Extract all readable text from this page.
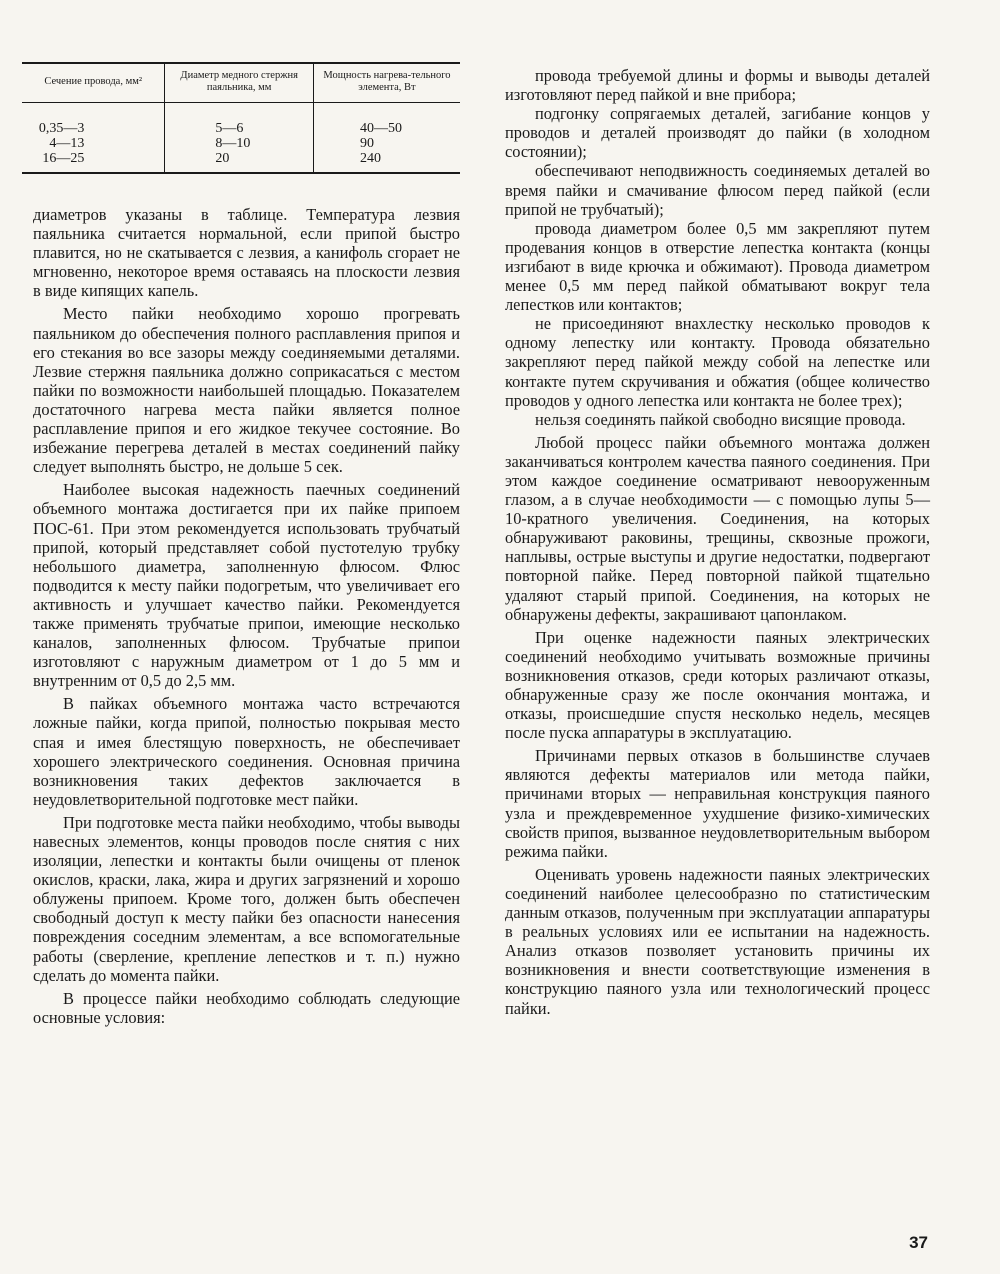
Сечение провода, мм²	Диаметр медного стержня паяльника, мм	Мощность нагрева-тельного элемента, Вт
0,35—3	5—6	40—50
4—13	8—10	90
16—25	20	240

диаметров указаны в таблице. Температура лезвия паяльника считается нормальной, если припой быстро плавится, но не скатывается с лезвия, а канифоль сгорает не мгновенно, некоторое время оставаясь на плоскости лезвия в виде кипящих капель.

Место пайки необходимо хорошо прогревать паяльником до обеспечения полного расплавления припоя и его стекания во все зазоры между соединяемыми деталями. Лезвие стержня паяльника должно соприкасаться с местом пайки по возможности наибольшей площадью. Показателем достаточного нагрева места пайки является полное расплавление припоя и его жидкое текучее состояние. Во избежание перегрева деталей в местах соединений пайку следует выполнять быстро, не дольше 5 сек.

Наиболее высокая надежность паечных соединений объемного монтажа достигается при их пайке припоем ПОС-61. При этом рекомендуется использовать трубчатый припой, который представляет собой пустотелую трубку небольшого диаметра, заполненную флюсом. Флюс подводится к месту пайки подогретым, что увеличивает его активность и улучшает качество пайки. Рекомендуется также применять трубчатые припои, имеющие несколько каналов, заполненных флюсом. Трубчатые припои изготовляют с наружным диаметром от 1 до 5 мм и внутренним от 0,5 до 2,5 мм.

В пайках объемного монтажа часто встречаются ложные пайки, когда припой, полностью покрывая место спая и имея блестящую поверхность, не обеспечивает хорошего электрического соединения. Основная причина возникновения таких дефектов заключается в неудовлетворительной подготовке мест пайки.

При подготовке места пайки необходимо, чтобы выводы навесных элементов, концы проводов после снятия с них изоляции, лепестки и контакты были очищены от пленок окислов, краски, лака, жира и других загрязнений и хорошо облужены припоем. Кроме того, должен быть обеспечен свободный доступ к месту пайки без опасности нанесения повреждения соседним элементам, а все вспомогательные работы (сверление, крепление лепестков и т. п.) нужно сделать до момента пайки.

В процессе пайки необходимо соблюдать следующие основные условия:

провода требуемой длины и формы и выводы деталей изготовляют перед пайкой и вне прибора;

подгонку сопрягаемых деталей, загибание концов у проводов и деталей производят до пайки (в холодном состоянии);

обеспечивают неподвижность соединяемых деталей во время пайки и смачивание флюсом перед пайкой (если припой не трубчатый);

провода диаметром более 0,5 мм закрепляют путем продевания концов в отверстие лепестка контакта (концы изгибают в виде крючка и обжимают). Провода диаметром менее 0,5 мм перед пайкой обматывают вокруг тела лепестков или контактов;

не присоединяют внахлестку несколько проводов к одному лепестку или контакту. Провода обязательно закрепляют перед пайкой между собой на лепестке или контакте путем скручивания и обжатия (общее количество проводов у одного лепестка или контакта не более трех);

нельзя соединять пайкой свободно висящие провода.

Любой процесс пайки объемного монтажа должен заканчиваться контролем качества паяного соединения. При этом каждое соединение осматривают невооруженным глазом, а в случае необходимости — с помощью лупы 5—10-кратного увеличения. Соединения, на которых обнаруживают раковины, трещины, сквозные прожоги, наплывы, острые выступы и другие недостатки, подвергают повторной пайке. Перед повторной пайкой тщательно удаляют старый припой. Соединения, на которых не обнаружены дефекты, закрашивают цапонлаком.

При оценке надежности паяных электрических соединений необходимо учитывать возможные причины возникновения отказов, среди которых различают отказы, обнаруженные сразу же после окончания монтажа, и отказы, происшедшие спустя несколько недель, месяцев после пуска аппаратуры в эксплуатацию.

Причинами первых отказов в большинстве случаев являются дефекты материалов или метода пайки, причинами вторых — неправильная конструкция паяного узла и преждевременное ухудшение физико-химических свойств припоя, вызванное неудовлетворительным выбором режима пайки.

Оценивать уровень надежности паяных электрических соединений наиболее целесообразно по статистическим данным отказов, полученным при эксплуатации аппаратуры в реальных условиях или ее испытании на надежность. Анализ отказов позволяет установить причины их возникновения и внести соответствующие изменения в конструкцию паяного узла или технологический процесс пайки.

37
